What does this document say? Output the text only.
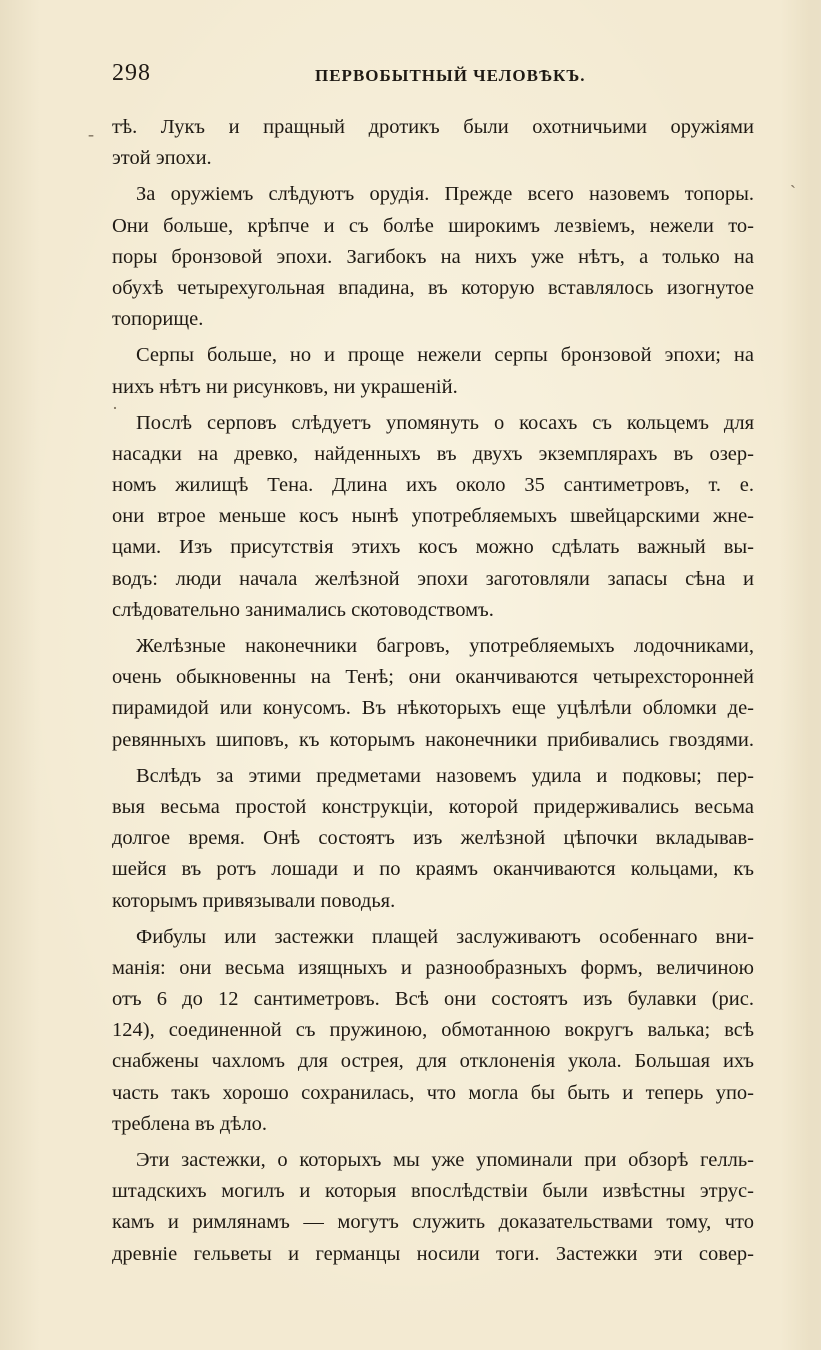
298	ПЕРВОБЫТНЫЙ ЧЕЛОВѢКЪ.
-
`
·
тѣ. Лукъ и пращный дротикъ были охотничьими оружіями
этой эпохи.
За оружіемъ слѣдуютъ орудія. Прежде всего назовемъ топоры.
Они больше, крѣпче и съ болѣе широкимъ лезвіемъ, нежели то-
поры бронзовой эпохи. Загибокъ на нихъ уже нѣтъ, а только на
обухѣ четырехугольная впадина, въ которую вставлялось изогнутое
топорище.
Серпы больше, но и проще нежели серпы бронзовой эпохи; на
нихъ нѣтъ ни рисунковъ, ни украшеній.
Послѣ серповъ слѣдуетъ упомянуть о косахъ съ кольцемъ для
насадки на древко, найденныхъ въ двухъ экземплярахъ въ озер-
номъ жилищѣ Тена. Длина ихъ около 35 сантиметровъ, т. е.
они втрое меньше косъ нынѣ употребляемыхъ швейцарскими жне-
цами. Изъ присутствія этихъ косъ можно сдѣлать важный вы-
водъ: люди начала желѣзной эпохи заготовляли запасы сѣна и
слѣдовательно занимались скотоводствомъ.
Желѣзные наконечники багровъ, употребляемыхъ лодочниками,
очень обыкновенны на Тенѣ; они оканчиваются четырехсторонней
пирамидой или конусомъ. Въ нѣкоторыхъ еще уцѣлѣли обломки де-
ревянныхъ шиповъ, къ которымъ наконечники прибивались гвоздями.
Вслѣдъ за этими предметами назовемъ удила и подковы; пер-
выя весьма простой конструкціи, которой придерживались весьма
долгое время. Онѣ состоятъ изъ желѣзной цѣпочки вкладывав-
шейся въ ротъ лошади и по краямъ оканчиваются кольцами, къ
которымъ привязывали поводья.
Фибулы или застежки плащей заслуживаютъ особеннаго вни-
манія: они весьма изящныхъ и разнообразныхъ формъ, величиною
отъ 6 до 12 сантиметровъ. Всѣ они состоятъ изъ булавки (рис.
124), соединенной съ пружиною, обмотанною вокругъ валька; всѣ
снабжены чахломъ для острея, для отклоненія укола. Большая ихъ
часть такъ хорошо сохранилась, что могла бы быть и теперь упо-
треблена въ дѣло.
Эти застежки, о которыхъ мы уже упоминали при обзорѣ гелль-
штадскихъ могилъ и которыя впослѣдствіи были извѣстны этрус-
камъ и римлянамъ — могутъ служить доказательствами тому, что
древніе гельветы и германцы носили тоги. Застежки эти совер-
